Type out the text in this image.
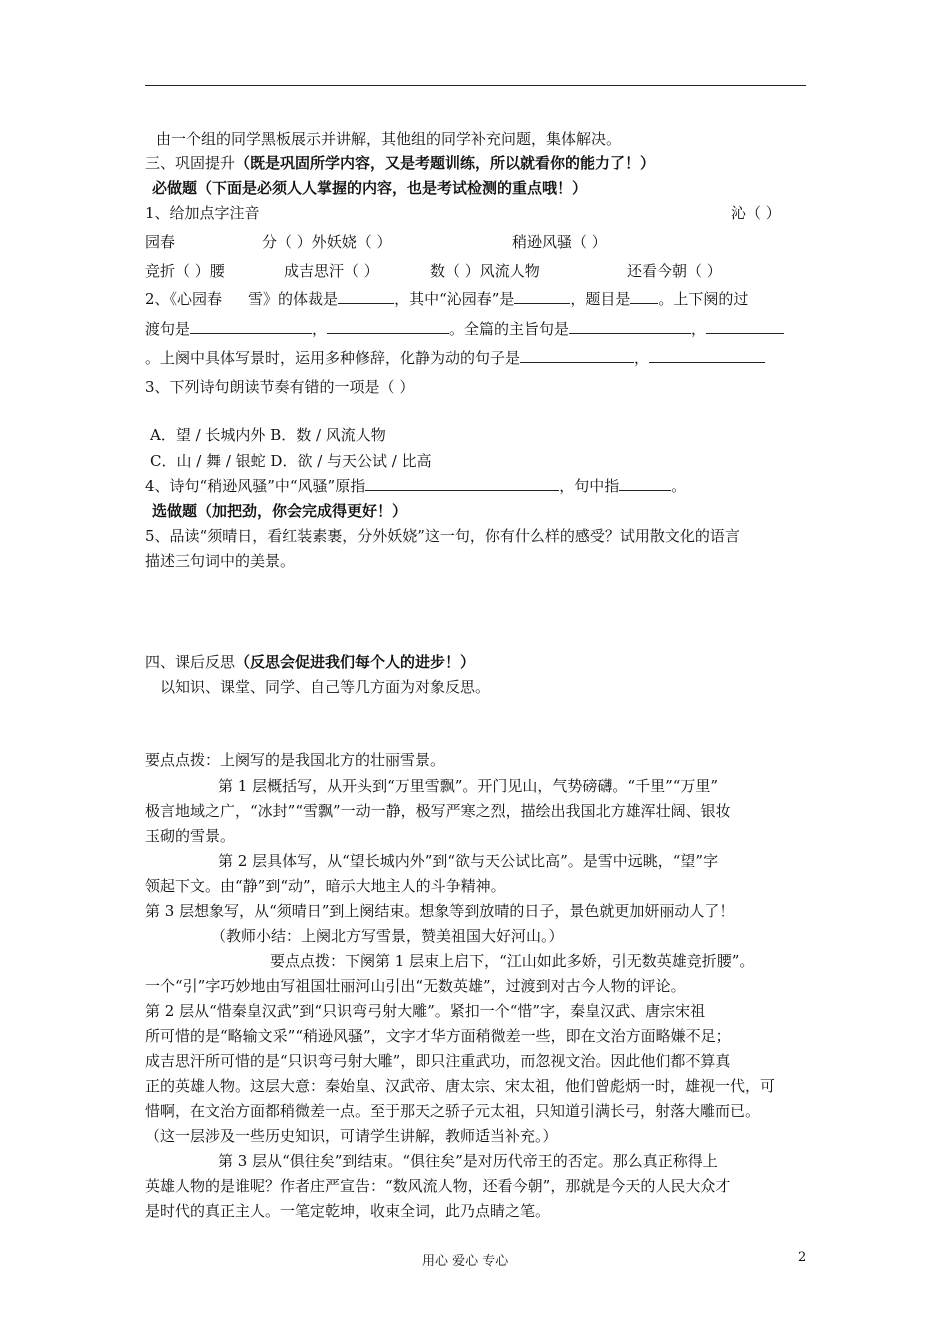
由一个组的同学黑板展示并讲解，其他组的同学补充问题，集体解决。
三、巩固提升（既是巩固所学内容，又是考题训练，所以就看你的能力了！）
必做题（下面是必须人人掌握的内容，也是考试检测的重点哦！）
1、给加点字注音	沁（ ）
园春	分（ ）外妖娆（ ）	稍逊风骚（ ）
竞折（ ）腰	成吉思汗（ ）	数（ ）风流人物	还看今朝（ ）
2、《心园春 雪》的体裁是	，其中“沁园春”是	，题目是 。上下阕的过
渡句是	，	。全篇的主旨句是	，
。上阕中具体写景时，运用多种修辞，化静为动的句子是	，
3、下列诗句朗读节奏有错的一项是（ ）
A．望 / 长城内外 B．数 / 风流人物
C．山 / 舞 / 银蛇 D．欲 / 与天公试 / 比高
4、诗句“稍逊风骚”中“风骚”原指	，句中指	。
选做题（加把劲，你会完成得更好！）
5、品读“须晴日，看红装素裹，分外妖娆”这一句，你有什么样的感受？试用散文化的语言
描述三句词中的美景。
四、课后反思（反思会促进我们每个人的进步！）
以知识、课堂、同学、自己等几方面为对象反思。
要点点拨：上阕写的是我国北方的壮丽雪景。
第 1 层概括写，从开头到“万里雪飘”。开门见山，气势磅礴。“千里”“万里”
极言地域之广，“冰封”“雪飘”一动一静，极写严寒之烈，描绘出我国北方雄浑壮阔、银妆
玉砌的雪景。
第 2 层具体写，从“望长城内外”到“欲与天公试比高”。是雪中远眺，“望”字
领起下文。由“静”到“动”，暗示大地主人的斗争精神。
第 3 层想象写，从“须晴日”到上阕结束。想象等到放晴的日子，景色就更加妍丽动人了！
（教师小结：上阕北方写雪景，赞美祖国大好河山。）
要点点拨：下阕第 1 层束上启下，“江山如此多娇，引无数英雄竞折腰”。
一个“引”字巧妙地由写祖国壮丽河山引出“无数英雄”，过渡到对古今人物的评论。
第 2 层从“惜秦皇汉武”到“只识弯弓射大雕”。紧扣一个“惜”字，秦皇汉武、唐宗宋祖
所可惜的是“略输文采”“稍逊风骚”，文字才华方面稍微差一些，即在文治方面略嫌不足；
成吉思汗所可惜的是“只识弯弓射大雕”，即只注重武功，而忽视文治。因此他们都不算真
正的英雄人物。这层大意：秦始皇、汉武帝、唐太宗、宋太祖，他们曾彪炳一时，雄视一代，可
惜啊，在文治方面都稍微差一点。至于那天之骄子元太祖，只知道引满长弓，射落大雕而已。
（这一层涉及一些历史知识，可请学生讲解，教师适当补充。）
第 3 层从“俱往矣”到结束。“俱往矣”是对历代帝王的否定。那么真正称得上
英雄人物的是谁呢？作者庄严宣告：“数风流人物，还看今朝”，那就是今天的人民大众才
是时代的真正主人。一笔定乾坤，收束全词，此乃点睛之笔。
用心 爱心 专心	2
